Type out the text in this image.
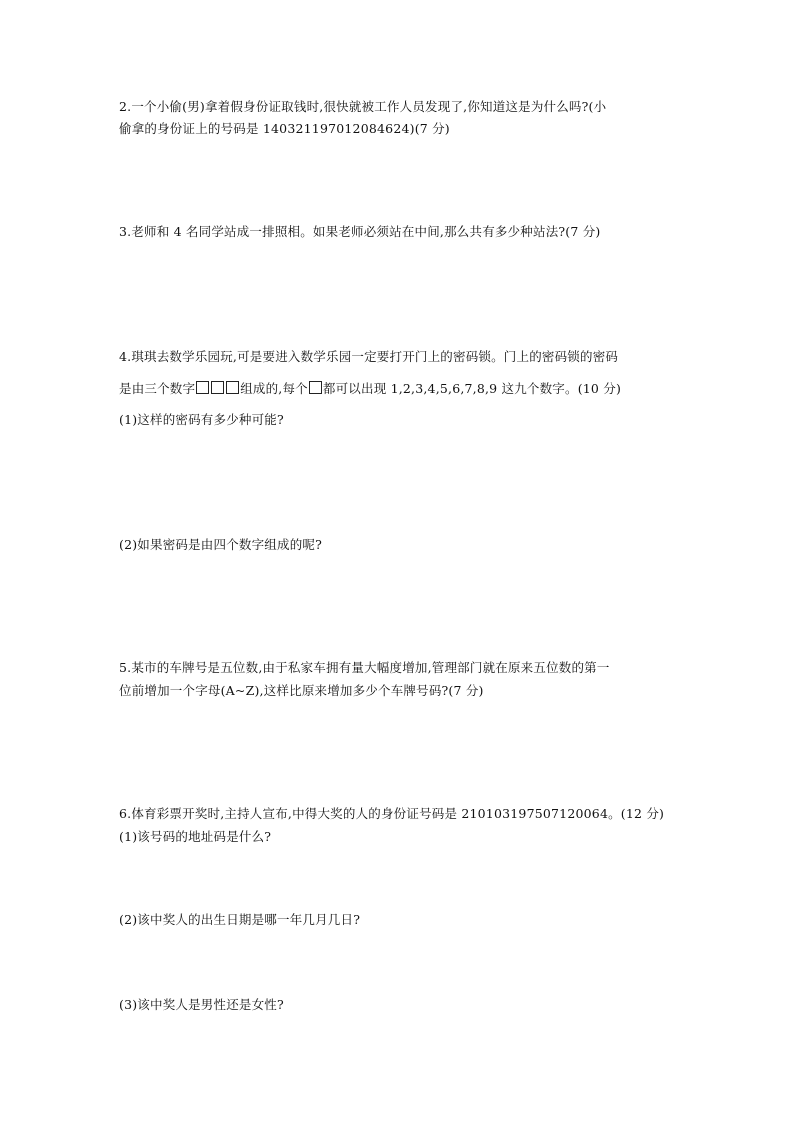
2.一个小偷(男)拿着假身份证取钱时,很快就被工作人员发现了,你知道这是为什么吗?(小
偷拿的身份证上的号码是 140321197012084624)(7 分)
3.老师和 4 名同学站成一排照相。如果老师必须站在中间,那么共有多少种站法?(7 分)
4.琪琪去数学乐园玩,可是要进入数学乐园一定要打开门上的密码锁。门上的密码锁的密码
是由三个数字	组成的,每个 都可以出现 1,2,3,4,5,6,7,8,9 这九个数字。(10 分)
(1)这样的密码有多少种可能?
(2)如果密码是由四个数字组成的呢?
5.某市的车牌号是五位数,由于私家车拥有量大幅度增加,管理部门就在原来五位数的第一
位前增加一个字母(A~Z),这样比原来增加多少个车牌号码?(7 分)
6.体育彩票开奖时,主持人宣布,中得大奖的人的身份证号码是 210103197507120064。(12 分)
(1)该号码的地址码是什么?
(2)该中奖人的出生日期是哪一年几月几日?
(3)该中奖人是男性还是女性?
